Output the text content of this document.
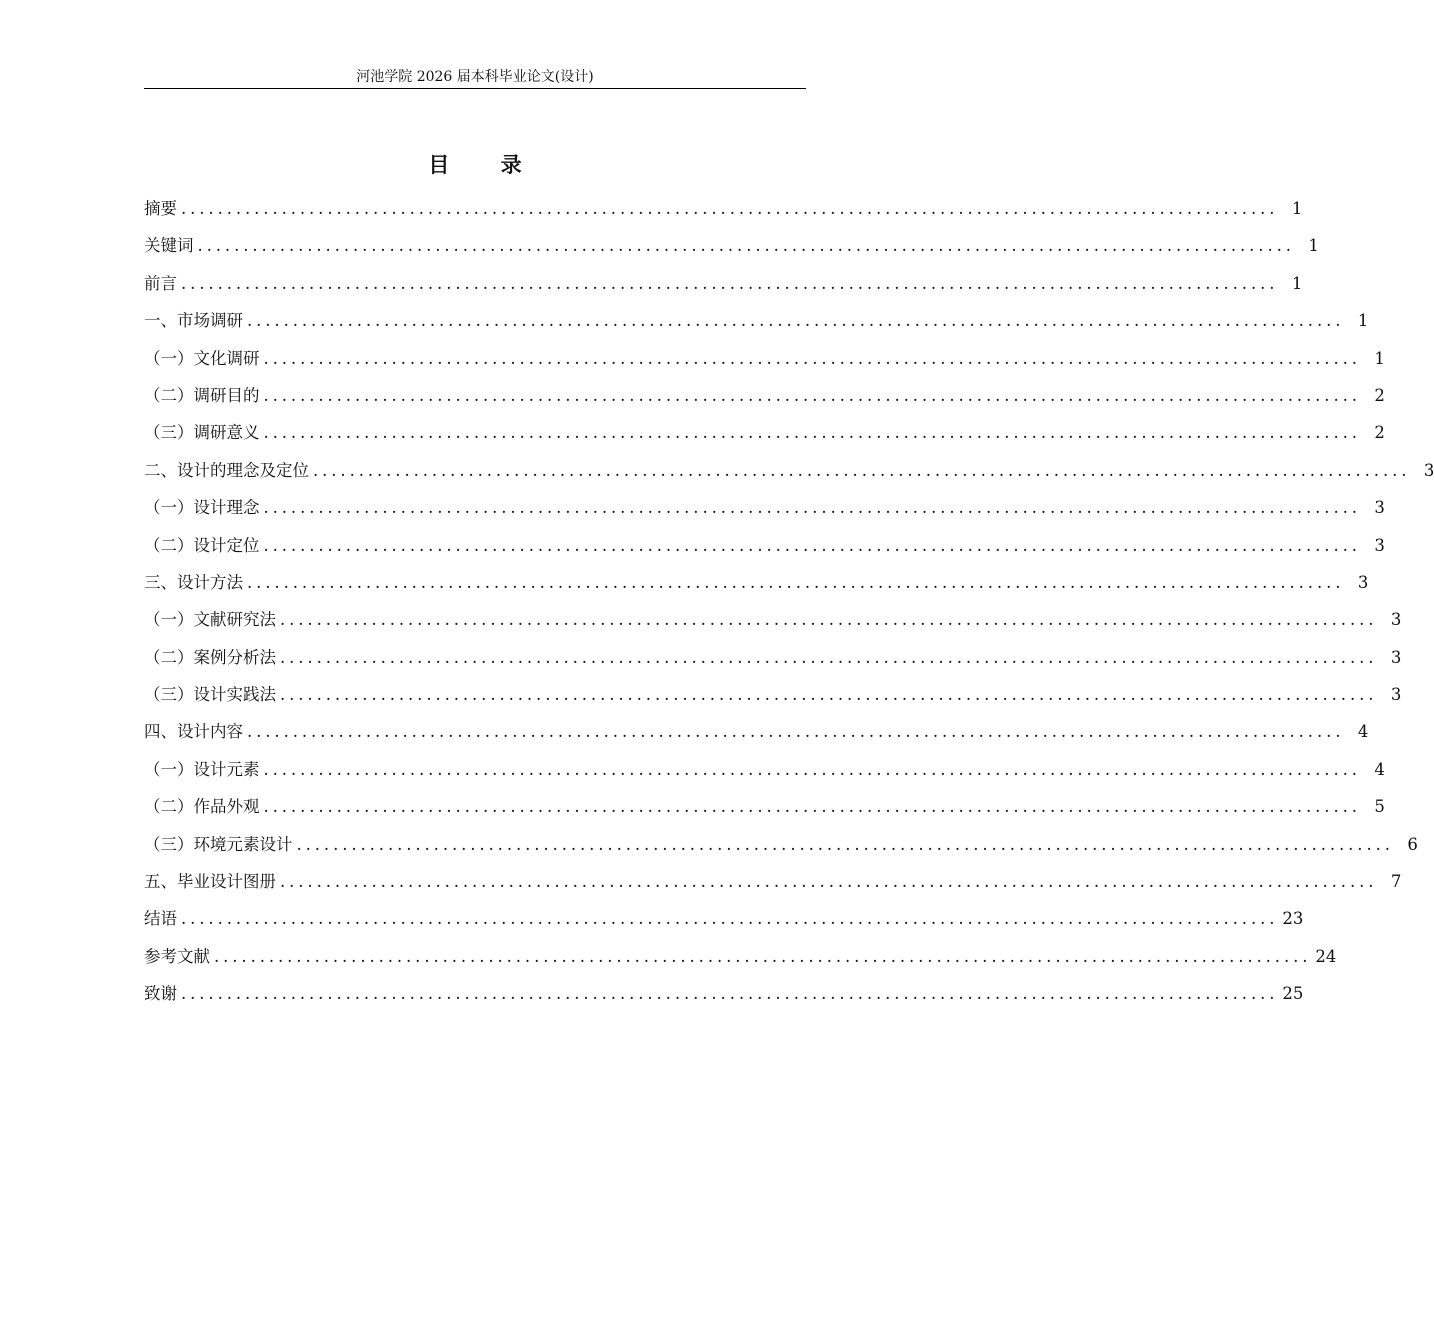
河池学院 2026 届本科毕业论文(设计)
目 录
摘要 ........................................................................................................................ 1
关键词 ........................................................................................................................ 1
前言 ........................................................................................................................ 1
一、市场调研 ........................................................................................................................ 1
（一）文化调研 ........................................................................................................................ 1
（二）调研目的 ........................................................................................................................ 2
（三）调研意义 ........................................................................................................................ 2
二、设计的理念及定位 ........................................................................................................................ 3
（一）设计理念 ........................................................................................................................ 3
（二）设计定位 ........................................................................................................................ 3
三、设计方法 ........................................................................................................................ 3
（一）文献研究法 ........................................................................................................................ 3
（二）案例分析法 ........................................................................................................................ 3
（三）设计实践法 ........................................................................................................................ 3
四、设计内容 ........................................................................................................................ 4
（一）设计元素 ........................................................................................................................ 4
（二）作品外观 ........................................................................................................................ 5
（三）环境元素设计 ........................................................................................................................ 6
五、毕业设计图册 ........................................................................................................................ 7
结语 ........................................................................................................................ 23
参考文献 ........................................................................................................................ 24
致谢 ........................................................................................................................ 25
